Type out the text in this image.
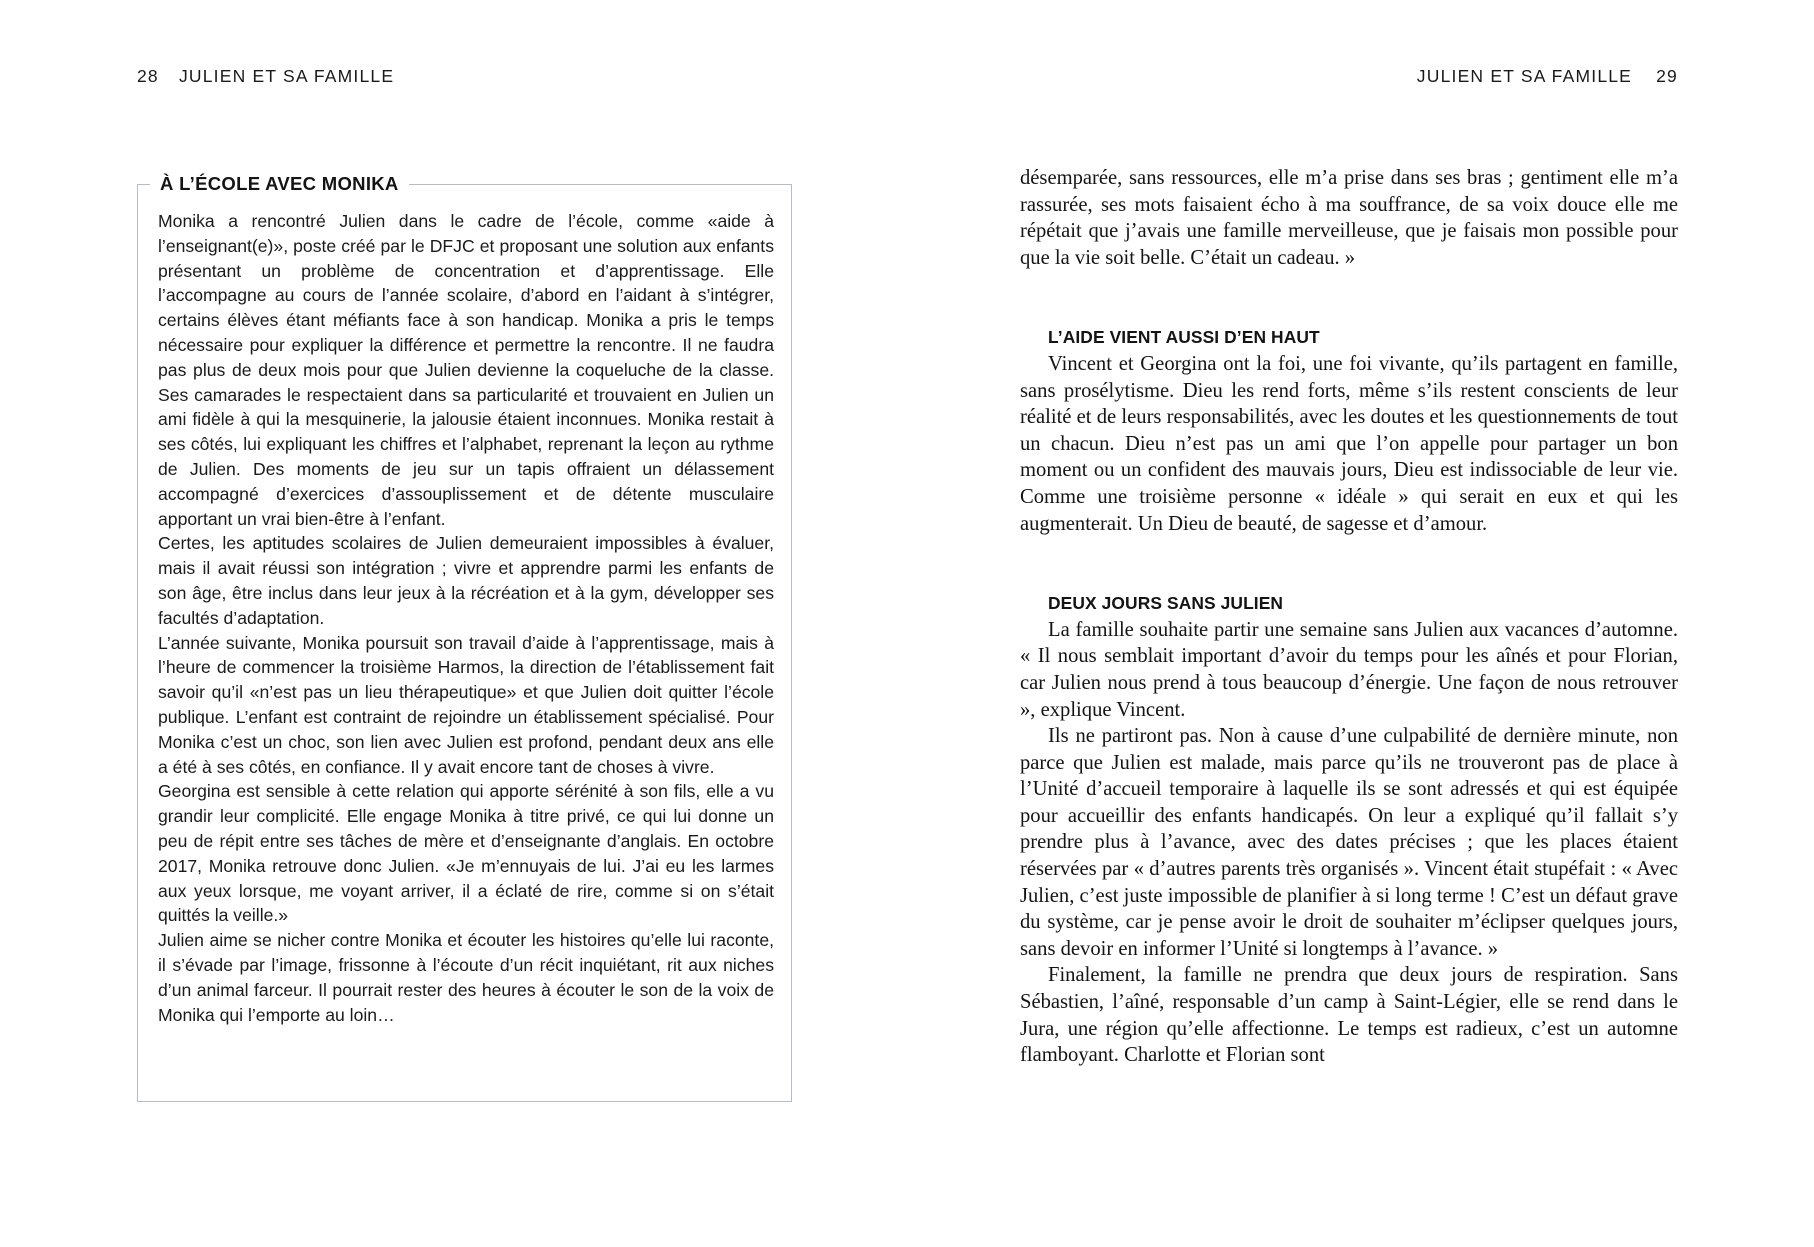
28 JULIEN ET SA FAMILLE
À L’ÉCOLE AVEC MONIKA

Monika a rencontré Julien dans le cadre de l’école, comme «aide à l’enseignant(e)», poste créé par le DFJC et proposant une solution aux enfants présentant un problème de concentration et d’apprentissage. Elle l’accompagne au cours de l’année scolaire, d’abord en l’aidant à s’intégrer, certains élèves étant méfiants face à son handicap. Monika a pris le temps nécessaire pour expliquer la différence et permettre la rencontre. Il ne faudra pas plus de deux mois pour que Julien devienne la coqueluche de la classe. Ses camarades le respectaient dans sa particularité et trouvaient en Julien un ami fidèle à qui la mesquinerie, la jalousie étaient inconnues. Monika restait à ses côtés, lui expliquant les chiffres et l’alphabet, reprenant la leçon au rythme de Julien. Des moments de jeu sur un tapis offraient un délassement accompagné d’exercices d’assouplissement et de détente musculaire apportant un vrai bien-être à l’enfant.

Certes, les aptitudes scolaires de Julien demeuraient impossibles à évaluer, mais il avait réussi son intégration ; vivre et apprendre parmi les enfants de son âge, être inclus dans leur jeux à la récréation et à la gym, développer ses facultés d’adaptation.

L’année suivante, Monika poursuit son travail d’aide à l’apprentissage, mais à l’heure de commencer la troisième Harmos, la direction de l’établissement fait savoir qu’il «n’est pas un lieu thérapeutique» et que Julien doit quitter l’école publique. L’enfant est contraint de rejoindre un établissement spécialisé. Pour Monika c’est un choc, son lien avec Julien est profond, pendant deux ans elle a été à ses côtés, en confiance. Il y avait encore tant de choses à vivre.

Georgina est sensible à cette relation qui apporte sérénité à son fils, elle a vu grandir leur complicité. Elle engage Monika à titre privé, ce qui lui donne un peu de répit entre ses tâches de mère et d’enseignante d’anglais. En octobre 2017, Monika retrouve donc Julien. «Je m’ennuyais de lui. J’ai eu les larmes aux yeux lorsque, me voyant arriver, il a éclaté de rire, comme si on s’était quittés la veille.»

Julien aime se nicher contre Monika et écouter les histoires qu’elle lui raconte, il s’évade par l’image, frissonne à l’écoute d’un récit inquiétant, rit aux niches d’un animal farceur. Il pourrait rester des heures à écouter le son de la voix de Monika qui l’emporte au loin…

JULIEN ET SA FAMILLE 29

désemparée, sans ressources, elle m’a prise dans ses bras ; gentiment elle m’a rassurée, ses mots faisaient écho à ma souffrance, de sa voix douce elle me répétait que j’avais une famille merveilleuse, que je faisais mon possible pour que la vie soit belle. C’était un cadeau. »

L’AIDE VIENT AUSSI D’EN HAUT

Vincent et Georgina ont la foi, une foi vivante, qu’ils partagent en famille, sans prosélytisme. Dieu les rend forts, même s’ils restent conscients de leur réalité et de leurs responsabilités, avec les doutes et les questionnements de tout un chacun. Dieu n’est pas un ami que l’on appelle pour partager un bon moment ou un confident des mauvais jours, Dieu est indissociable de leur vie. Comme une troisième personne « idéale » qui serait en eux et qui les augmenterait. Un Dieu de beauté, de sagesse et d’amour.

DEUX JOURS SANS JULIEN

La famille souhaite partir une semaine sans Julien aux vacances d’automne. « Il nous semblait important d’avoir du temps pour les aînés et pour Florian, car Julien nous prend à tous beaucoup d’énergie. Une façon de nous retrouver », explique Vincent.

Ils ne partiront pas. Non à cause d’une culpabilité de dernière minute, non parce que Julien est malade, mais parce qu’ils ne trouveront pas de place à l’Unité d’accueil temporaire à laquelle ils se sont adressés et qui est équipée pour accueillir des enfants handicapés. On leur a expliqué qu’il fallait s’y prendre plus à l’avance, avec des dates précises ; que les places étaient réservées par « d’autres parents très organisés ». Vincent était stupéfait : « Avec Julien, c’est juste impossible de planifier à si long terme ! C’est un défaut grave du système, car je pense avoir le droit de souhaiter m’éclipser quelques jours, sans devoir en informer l’Unité si longtemps à l’avance. »

Finalement, la famille ne prendra que deux jours de respiration. Sans Sébastien, l’aîné, responsable d’un camp à Saint-Légier, elle se rend dans le Jura, une région qu’elle affectionne. Le temps est radieux, c’est un automne flamboyant. Charlotte et Florian sont
